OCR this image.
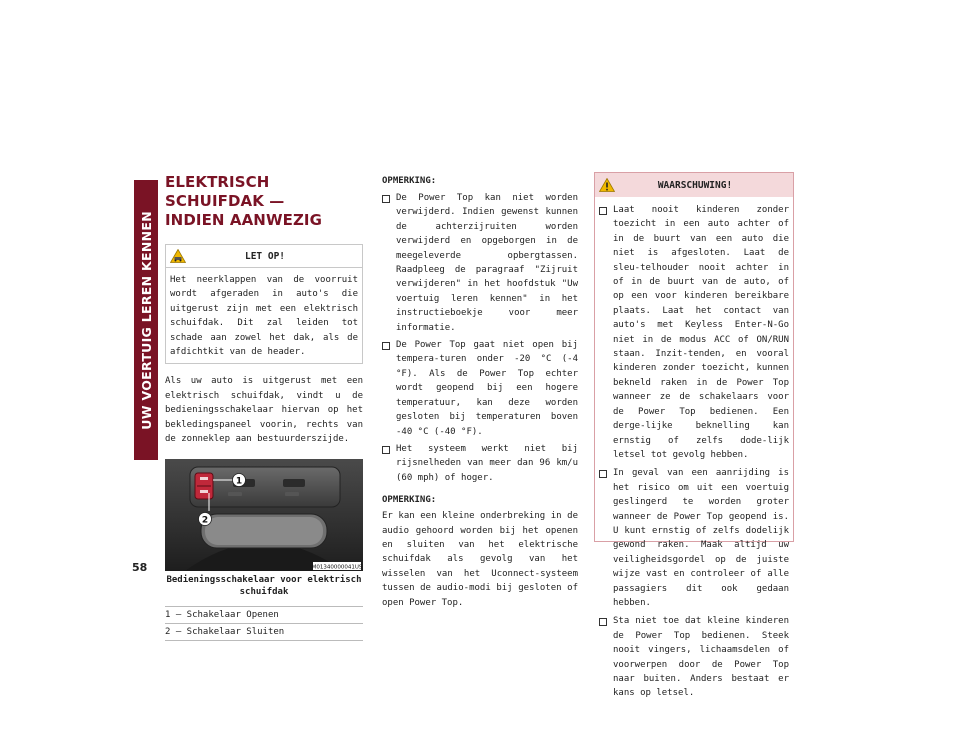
UW VOERTUIG LEREN KENNEN
58
ELEKTRISCH SCHUIFDAK —
INDIEN AANWEZIG
LET OP!
Het neerklappen van de voorruit wordt afgeraden in auto's die uitgerust zijn met een elektrisch schuifdak. Dit zal leiden tot schade aan zowel het dak, als de afdichtkit van de header.

Als uw auto is uitgerust met een elektrisch schuifdak, vindt u de bedieningsschakelaar hiervan op het bekledingspaneel voorin, rechts van de zonneklep aan bestuurderszijde.

1
2
M01340000041US
Bedieningsschakelaar voor elektrisch schuifdak
1 — Schakelaar Openen
2 — Schakelaar Sluiten
OPMERKING:
De Power Top kan niet worden verwijderd. Indien gewenst kunnen de achterzijruiten worden verwijderd en opgeborgen in de meegeleverde opbergtassen. Raadpleeg de paragraaf "Zijruit verwijderen" in het hoofdstuk "Uw voertuig leren kennen" in het instructieboekje voor meer informatie.
De Power Top gaat niet open bij tempera-turen onder -20 °C (-4 °F). Als de Power Top echter wordt geopend bij een hogere temperatuur, kan deze worden gesloten bij temperaturen boven -40 °C (-40 °F).
Het systeem werkt niet bij rijsnelheden van meer dan 96 km/u (60 mph) of hoger.
OPMERKING:
Er kan een kleine onderbreking in de audio gehoord worden bij het openen en sluiten van het elektrische schuifdak als gevolg van het wisselen van het Uconnect-systeem tussen de audio-modi bij gesloten of open Power Top.
WAARSCHUWING!
Laat nooit kinderen zonder toezicht in een auto achter of in de buurt van een auto die niet is afgesloten. Laat de sleu-telhouder nooit achter in of in de buurt van de auto, of op een voor kinderen bereikbare plaats. Laat het contact van auto's met Keyless Enter-N-Go niet in de modus ACC of ON/RUN staan. Inzit-tenden, en vooral kinderen zonder toezicht, kunnen bekneld raken in de Power Top wanneer ze de schakelaars voor de Power Top bedienen. Een derge-lijke beknelling kan ernstig of zelfs dode-lijk letsel tot gevolg hebben.
In geval van een aanrijding is het risico om uit een voertuig geslingerd te worden groter wanneer de Power Top geopend is. U kunt ernstig of zelfs dodelijk gewond raken. Maak altijd uw veiligheidsgordel op de juiste wijze vast en controleer of alle passagiers dit ook gedaan hebben.
Sta niet toe dat kleine kinderen de Power Top bedienen. Steek nooit vingers, lichaamsdelen of voorwerpen door de Power Top naar buiten. Anders bestaat er kans op letsel.
